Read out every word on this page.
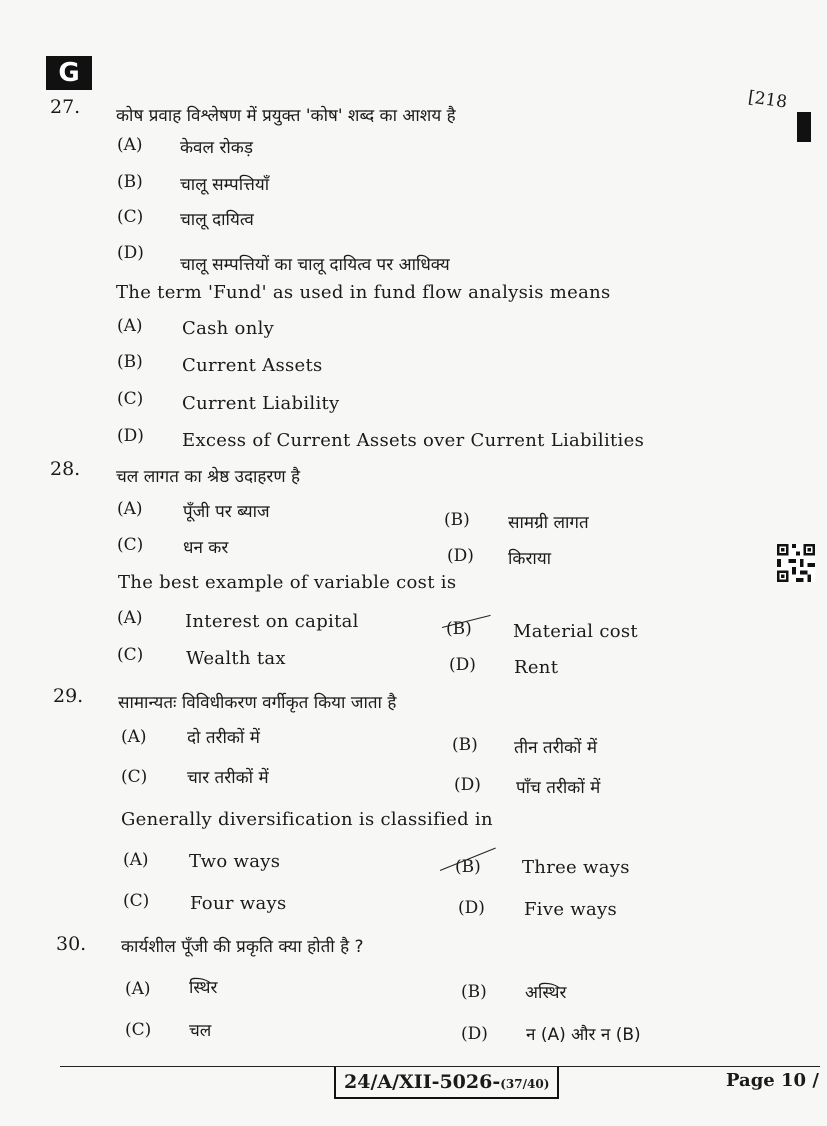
G
[218
27. कोष प्रवाह विश्लेषण में प्रयुक्त 'कोष' शब्द का आशय है
(A) केवल रोकड़
(B) चालू सम्पत्तियाँ
(C) चालू दायित्व
(D)
चालू सम्पत्तियों का चालू दायित्व पर आधिक्य
The term 'Fund' as used in fund flow analysis means
(A) Cash only
(B) Current Assets
(C) Current Liability
(D) Excess of Current Assets over Current Liabilities
28. चल लागत का श्रेष्ठ उदाहरण है
(A) पूँजी पर ब्याज	(B) सामग्री लागत
(C) धन कर	(D) किराया
The best example of variable cost is
(A) Interest on capital	(B) Material cost
(C) Wealth tax	(D) Rent
29. सामान्यतः विविधीकरण वर्गीकृत किया जाता है
(A) दो तरीकों में	(B) तीन तरीकों में
(C) चार तरीकों में	(D) पाँच तरीकों में
Generally diversification is classified in
(A) Two ways	(B) Three ways
(C) Four ways	(D) Five ways
30. कार्यशील पूँजी की प्रकृति क्या होती है ?
(A) स्थिर	(B) अस्थिर
(C) चल	(D) न (A) और न (B)
24/A/XII-5026-(37/40)	Page 10 /
